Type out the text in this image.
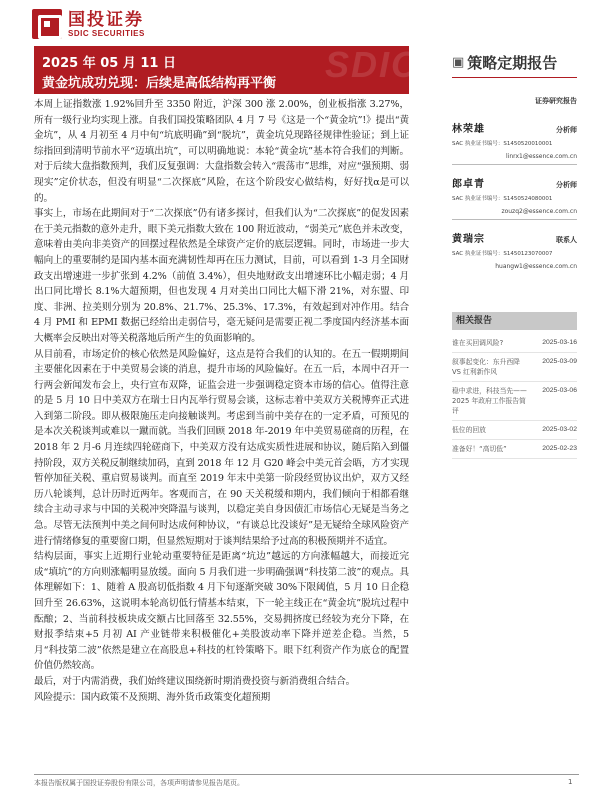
国投证券
SDIC SECURITIES
SDIC
2025 年 05 月 11 日
黄金坑成功兑现：后续是高低结构再平衡
▣ 策略定期报告

本周上证指数涨 1.92%回升至 3350 附近，沪深 300 涨 2.00%，创业板指涨 3.27%，所有一级行业均实现上涨。自我们国投策略团队 4 月 7 号《这是一个“黄金坑”!》提出“黄金坑”，从 4 月初至 4 月中旬“坑底明确”到“脱坑”，黄金坑兑现路径规律性验证；到上证综指回到清明节前水平“迈填出坑”，可以明确地说：本轮“黄金坑”基本符合我们的判断。对于后续大盘指数预判，我们反复强调：大盘指数会转入“震荡市”思维，对应“强预期、弱现实”定价状态，但没有明显“二次探底”风险，在这个阶段安心做结构，好好找α是可以的。

事实上，市场在此期间对于“二次探底”仍有诸多探讨，但我们认为“二次探底”的促发因素在于美元指数的意外走升，眼下美元指数大致在 100 附近波动，“弱美元”底色并未改变，意味着由美向非美资产的回摆过程依然是全球资产定价的底层逻辑。同时，市场进一步大幅向上的重要制约是国内基本面充满韧性却再在压力测试，目前，可以看到 1-3 月全国财政支出增速进一步扩张到 4.2%（前值 3.4%），但央地财政支出增速环比小幅走弱；4 月出口同比增长 8.1%大超预期，但也发现 4 月对美出口同比大幅下滑 21%，对东盟、印度、非洲、拉美则分别为 20.8%、21.7%、25.3%、17.3%，有效起到对冲作用。结合 4 月 PMI 和 EPMI 数据已经给出走弱信号，毫无疑问是需要正视二季度国内经济基本面大概率会反映出对等关税落地后所产生的负面影响的。

从目前看，市场定价的核心依然是风险偏好，这点是符合我们的认知的。在五一假期期间主要催化因素在于中美贸易会谈的消息，提升市场的风险偏好。在五一后，本周中召开一行两会新闻发布会上，央行宣布双降，证监会进一步强调稳定资本市场的信心。值得注意的是 5 月 10 日中美双方在瑞士日内瓦举行贸易会谈，这标志着中美双方关税博弈正式进入到第二阶段。即从极限施压走向接触谈判。考虑到当前中美存在的一定矛盾，可预见的是本次关税谈判或难以一蹴而就。当我们回顾 2018 年-2019 年中美贸易磋商的历程，在 2018 年 2 月-6 月连续四轮磋商下，中美双方没有达成实质性进展和协议，随后陷入到僵持阶段，双方关税反制继续加码，直到 2018 年 12 月 G20 峰会中美元首会晤，方才实现暂停加征关税、重启贸易谈判。而直至 2019 年末中美第一阶段经贸协议出炉，双方又经历八轮谈判，总计历时近两年。客观而言，在 90 天关税缓和期内，我们倾向于相都看继续合主动寻求与中国的关税冲突降温与谈判，以稳定美自身因债汇市场信心无疑是当务之急。尽管无法预判中美之间何时达成何种协议，“有谈总比没谈好”是无疑给全球风险资产进行情绪修复的重要窗口期，但显然短期对于谈判结果给予过高的积极预期并不适宜。

结构层面，事实上近期行业轮动重要特征是距离“坑边”越远的方向涨幅越大，而接近完成“填坑”的方向则涨幅明显放缓。面向 5 月我们进一步明确强调“科技第二波”的观点。具体理解如下：1、随着 A 股高切低指数 4 月下旬逐渐突破 30%下限阈值，5 月 10 日企稳回升至 26.63%，这说明本轮高切低行情基本结束，下一轮主线正在“黄金坑”脱坑过程中酝酿；2、当前科技板块成交额占比回落至 32.55%，交易拥挤度已经较为充分下降，在财报季结束+5 月初 AI 产业链带来积极催化+美股波动率下降并逆差企稳。当然，5 月“科技第二波”依然是建立在高股息+科技的杠铃策略下。眼下红利资产作为底仓的配置价值仍然较高。

最后，对于内需消费，我们始终建议围绕新时期消费投资与新消费组合结合。

风险提示：国内政策不及预期、海外货币政策变化超预期

证券研究报告
林荣雄	分析师
SAC 执业证书编号：S1450520010001
linrx1@essence.com.cn
郎卓青	分析师
SAC 执业证书编号：S1450524080001
zouzq2@essence.com.cn
黄瑞宗	联系人
SAC 执业证书编号：S1450123070007
huangw1@essence.com.cn
相关报告
谁在买回调风险?	2025-03-16
叙事起变化：东升西降 VS 红利新作风
2025-03-09
稳中求进，科技当先——2025 年政府工作报告简评
2025-03-06
低位的回放	2025-03-02
准备好！“高切低”	2025-02-23
本报告版权属于国投证券股份有限公司，各项声明请参见报告尾页。	1
